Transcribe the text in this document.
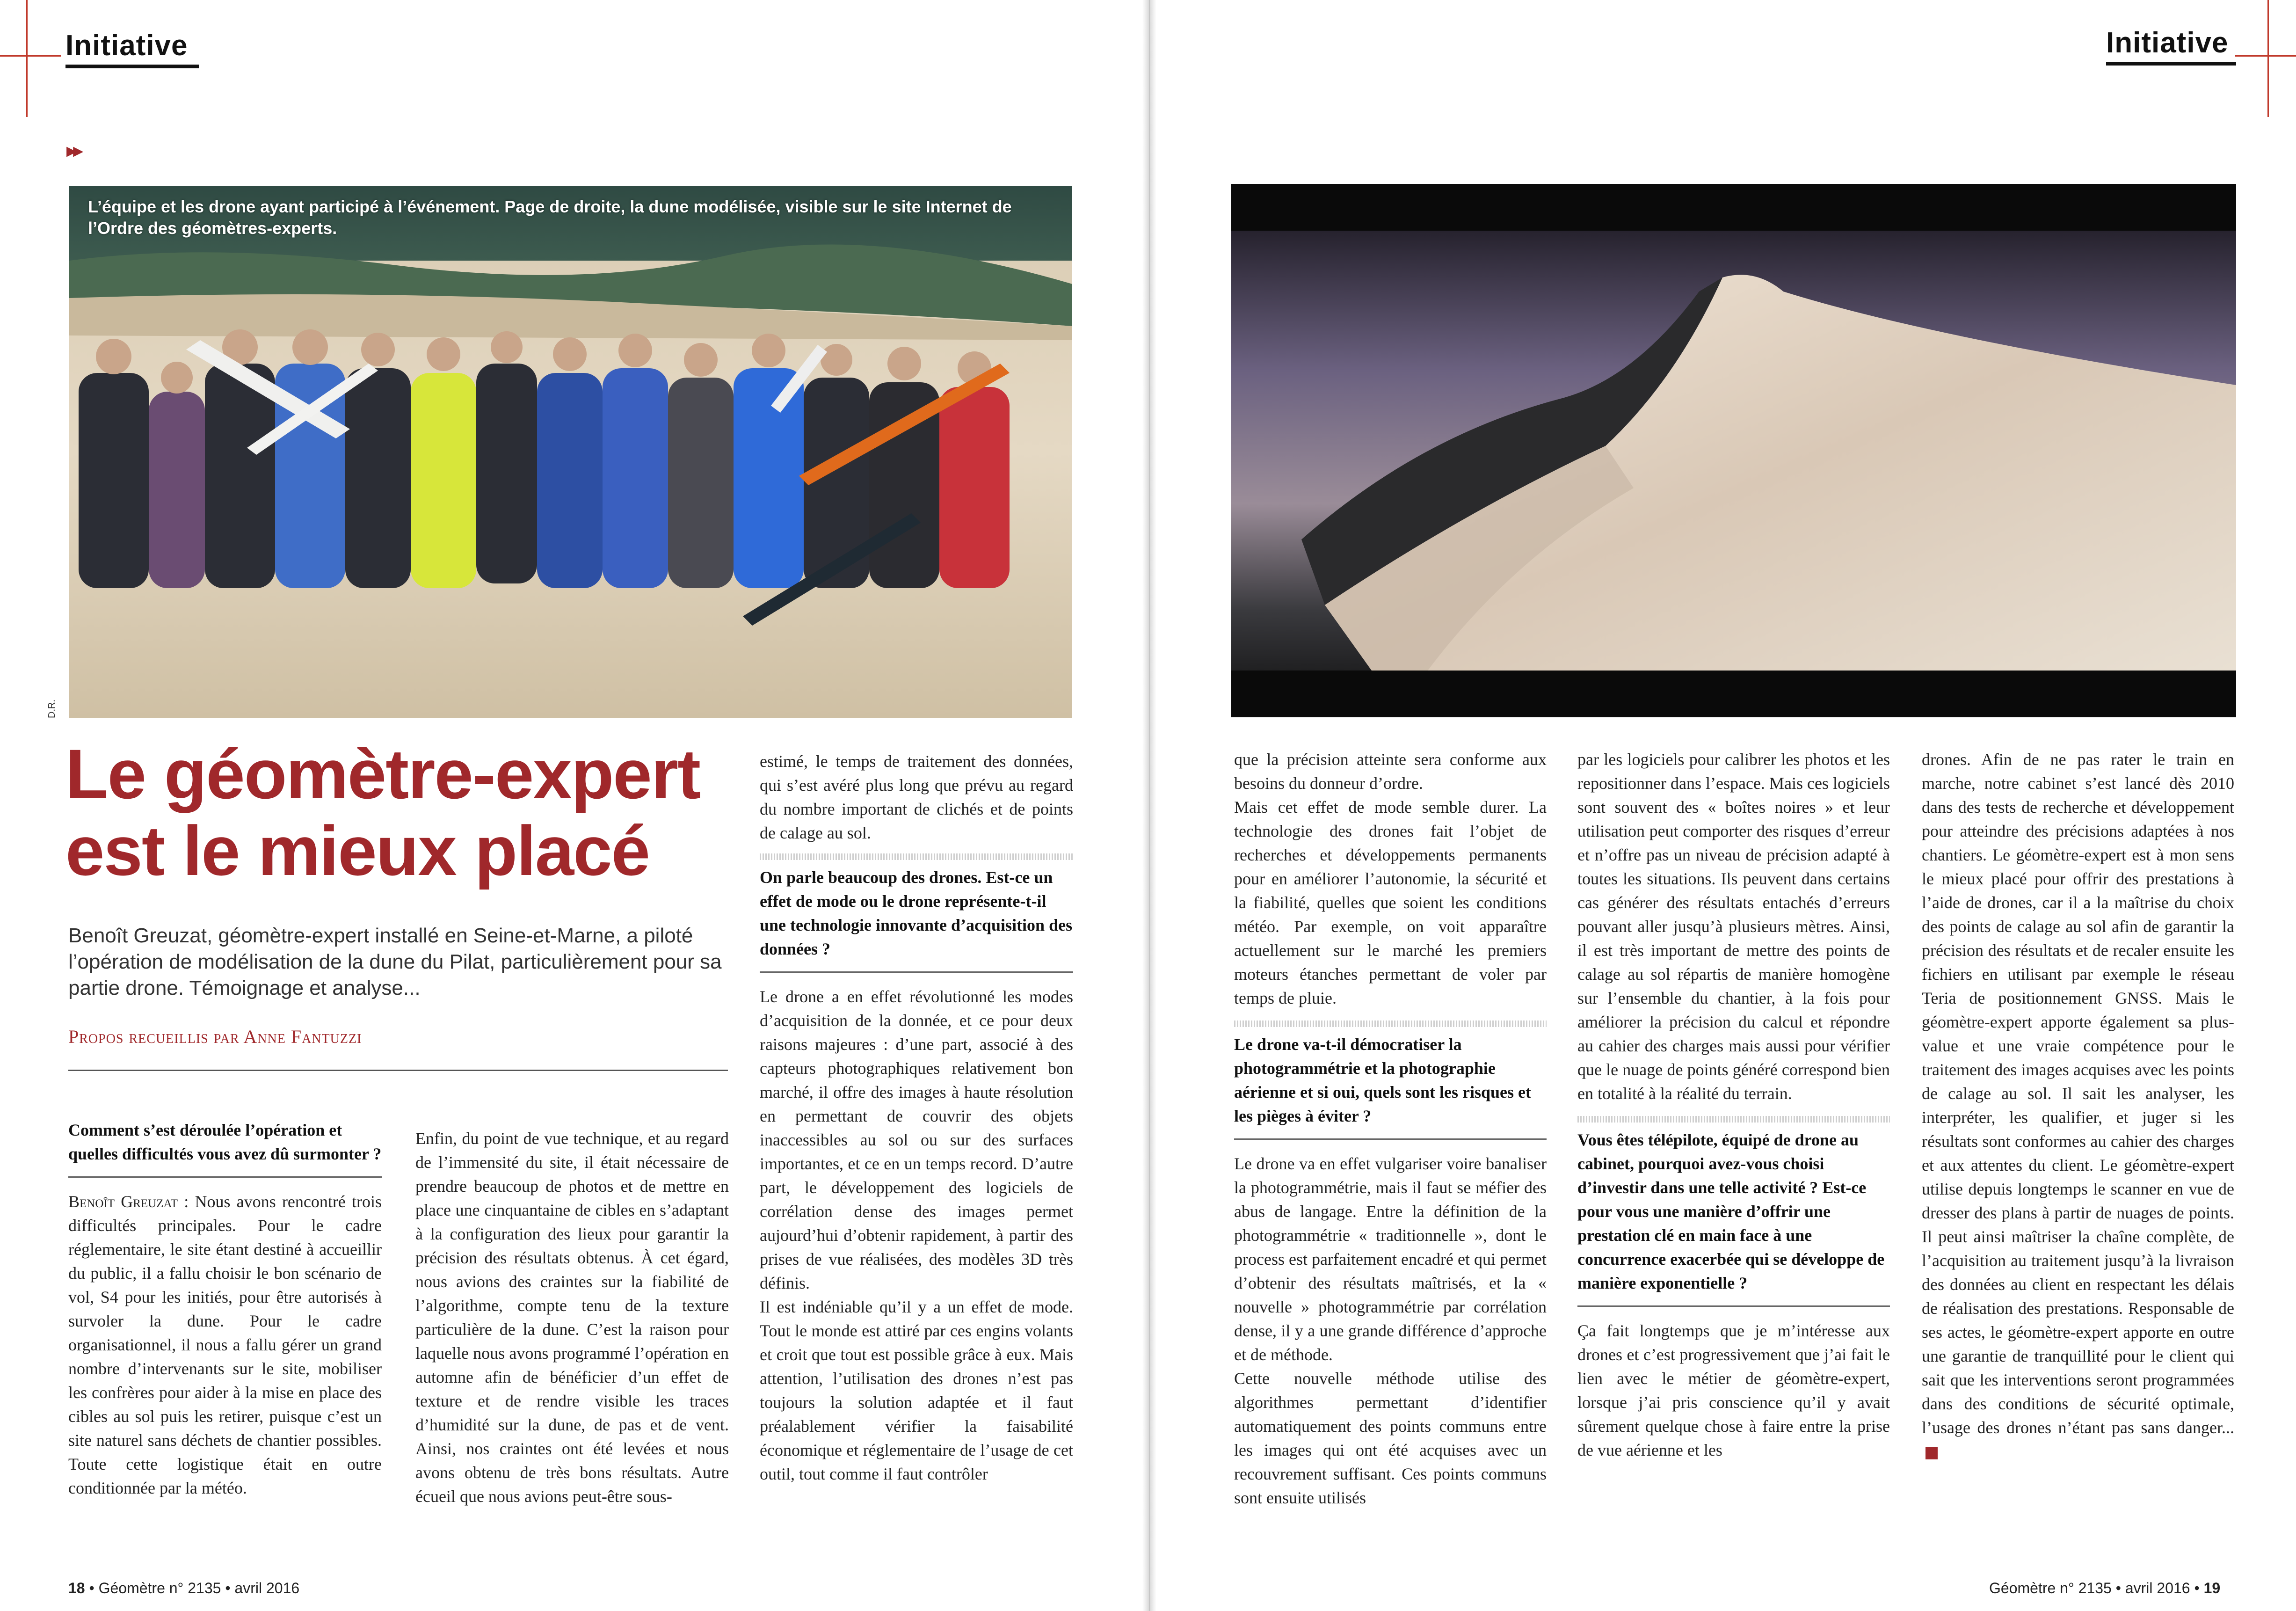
Initiative
▸▸
L’équipe et les drone ayant participé à l’événement. Page de droite, la dune modélisée, visible sur le site Internet de l’Ordre des géomètres-experts.
D.R.
Le géomètre-expert
est le mieux placé
Benoît Greuzat, géomètre-expert installé en Seine-et-Marne, a piloté l’opération de modélisation de la dune du Pilat, particulièrement pour sa partie drone. Témoignage et analyse...
Propos recueillis par Anne Fantuzzi
Comment s’est déroulée l’opération et quelles difficultés vous avez dû surmonter ?

Benoît Greuzat : Nous avons rencontré trois difficultés principales. Pour le cadre réglementaire, le site étant destiné à accueillir du public, il a fallu choisir le bon scénario de vol, S4 pour les initiés, pour être autorisés à survoler la dune. Pour le cadre organisationnel, il nous a fallu gérer un grand nombre d’intervenants sur le site, mobiliser les confrères pour aider à la mise en place des cibles au sol puis les retirer, puisque c’est un site naturel sans déchets de chantier possibles. Toute cette logistique était en outre conditionnée par la météo.

Enfin, du point de vue technique, et au regard de l’immensité du site, il était nécessaire de prendre beaucoup de photos et de mettre en place une cinquantaine de cibles en s’adaptant à la configuration des lieux pour garantir la précision des résultats obtenus. À cet égard, nous avions des craintes sur la fiabilité de l’algorithme, compte tenu de la texture particulière de la dune. C’est la raison pour laquelle nous avons programmé l’opération en automne afin de bénéficier d’un effet de texture et de rendre visible les traces d’humidité sur la dune, de pas et de vent. Ainsi, nos craintes ont été levées et nous avons obtenu de très bons résultats. Autre écueil que nous avions peut-être sous-

estimé, le temps de traitement des données, qui s’est avéré plus long que prévu au regard du nombre important de clichés et de points de calage au sol.

On parle beaucoup des drones. Est-ce un effet de mode ou le drone représente-t-il une technologie innovante d’acquisition des données ?

Le drone a en effet révolutionné les modes d’acquisition de la donnée, et ce pour deux raisons majeures : d’une part, associé à des capteurs photographiques relativement bon marché, il offre des images à haute résolution en permettant de couvrir des objets inaccessibles au sol ou sur des surfaces importantes, et ce en un temps record. D’autre part, le développement des logiciels de corrélation dense des images permet aujourd’hui d’obtenir rapidement, à partir des prises de vue réalisées, des modèles 3D très définis.

Il est indéniable qu’il y a un effet de mode. Tout le monde est attiré par ces engins volants et croit que tout est possible grâce à eux. Mais attention, l’utilisation des drones n’est pas toujours la solution adaptée et il faut préalablement vérifier la faisabilité économique et réglementaire de l’usage de cet outil, tout comme il faut contrôler

18 • Géomètre n° 2135 • avril 2016
Initiative

que la précision atteinte sera conforme aux besoins du donneur d’ordre.

Mais cet effet de mode semble durer. La technologie des drones fait l’objet de recherches et développements permanents pour en améliorer l’autonomie, la sécurité et la fiabilité, quelles que soient les conditions météo. Par exemple, on voit apparaître actuellement sur le marché les premiers moteurs étanches permettant de voler par temps de pluie.

Le drone va-t-il démocratiser la photogrammétrie et la photographie aérienne et si oui, quels sont les risques et les pièges à éviter ?

Le drone va en effet vulgariser voire banaliser la photogrammétrie, mais il faut se méfier des abus de langage. Entre la définition de la photogrammétrie « traditionnelle », dont le process est parfaitement encadré et qui permet d’obtenir des résultats maîtrisés, et la « nouvelle » photogrammétrie par corrélation dense, il y a une grande différence d’approche et de méthode.

Cette nouvelle méthode utilise des algorithmes permettant d’identifier automatiquement des points communs entre les images qui ont été acquises avec un recouvrement suffisant. Ces points communs sont ensuite utilisés

par les logiciels pour calibrer les photos et les repositionner dans l’espace. Mais ces logiciels sont souvent des « boîtes noires » et leur utilisation peut comporter des risques d’erreur et n’offre pas un niveau de précision adapté à toutes les situations. Ils peuvent dans certains cas générer des résultats entachés d’erreurs pouvant aller jusqu’à plusieurs mètres. Ainsi, il est très important de mettre des points de calage au sol répartis de manière homogène sur l’ensemble du chantier, à la fois pour améliorer la précision du calcul et répondre au cahier des charges mais aussi pour vérifier que le nuage de points généré correspond bien en totalité à la réalité du terrain.

Vous êtes télépilote, équipé de drone au cabinet, pourquoi avez-vous choisi d’investir dans une telle activité ? Est-ce pour vous une manière d’offrir une prestation clé en main face à une concurrence exacerbée qui se développe de manière exponentielle ?

Ça fait longtemps que je m’intéresse aux drones et c’est progressivement que j’ai fait le lien avec le métier de géomètre-expert, lorsque j’ai pris conscience qu’il y avait sûrement quelque chose à faire entre la prise de vue aérienne et les

drones. Afin de ne pas rater le train en marche, notre cabinet s’est lancé dès 2010 dans des tests de recherche et développement pour atteindre des précisions adaptées à nos chantiers. Le géomètre-expert est à mon sens le mieux placé pour offrir des prestations à l’aide de drones, car il a la maîtrise du choix des points de calage au sol afin de garantir la précision des résultats et de recaler ensuite les fichiers en utilisant par exemple le réseau Teria de positionnement GNSS. Mais le géomètre-expert apporte également sa plus-value et une vraie compétence pour le traitement des images acquises avec les points de calage au sol. Il sait les analyser, les interpréter, les qualifier, et juger si les résultats sont conformes au cahier des charges et aux attentes du client. Le géomètre-expert utilise depuis longtemps le scanner en vue de dresser des plans à partir de nuages de points. Il peut ainsi maîtriser la chaîne complète, de l’acquisition au traitement jusqu’à la livraison des données au client en respectant les délais de réalisation des prestations. Responsable de ses actes, le géomètre-expert apporte en outre une garantie de tranquillité pour le client qui sait que les interventions seront programmées dans des conditions de sécurité optimale, l’usage des drones n’étant pas sans danger...

Géomètre n° 2135 • avril 2016 • 19
